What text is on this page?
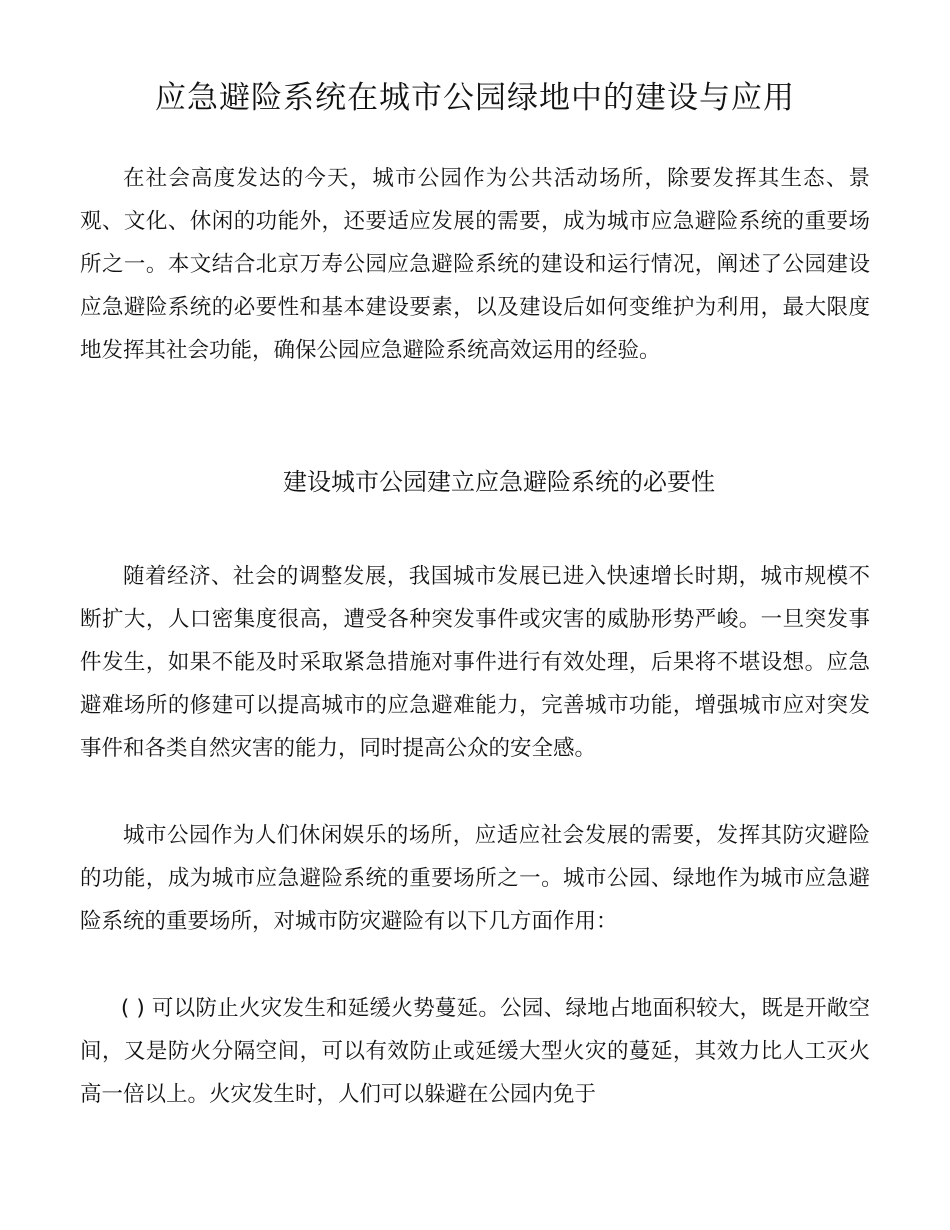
应急避险系统在城市公园绿地中的建设与应用

在社会高度发达的今天，城市公园作为公共活动场所，除要发挥其生态、景观、文化、休闲的功能外，还要适应发展的需要，成为城市应急避险系统的重要场所之一。本文结合北京万寿公园应急避险系统的建设和运行情况，阐述了公园建设应急避险系统的必要性和基本建设要素，以及建设后如何变维护为利用，最大限度地发挥其社会功能，确保公园应急避险系统高效运用的经验。

建设城市公园建立应急避险系统的必要性

随着经济、社会的调整发展，我国城市发展已进入快速增长时期，城市规模不断扩大，人口密集度很高，遭受各种突发事件或灾害的威胁形势严峻。一旦突发事件发生，如果不能及时采取紧急措施对事件进行有效处理，后果将不堪设想。应急避难场所的修建可以提高城市的应急避难能力，完善城市功能，增强城市应对突发事件和各类自然灾害的能力，同时提高公众的安全感。

城市公园作为人们休闲娱乐的场所，应适应社会发展的需要，发挥其防灾避险的功能，成为城市应急避险系统的重要场所之一。城市公园、绿地作为城市应急避险系统的重要场所，对城市防灾避险有以下几方面作用：

( ) 可以防止火灾发生和延缓火势蔓延。公园、绿地占地面积较大，既是开敞空间，又是防火分隔空间，可以有效防止或延缓大型火灾的蔓延，其效力比人工灭火高一倍以上。火灾发生时，人们可以躲避在公园内免于
